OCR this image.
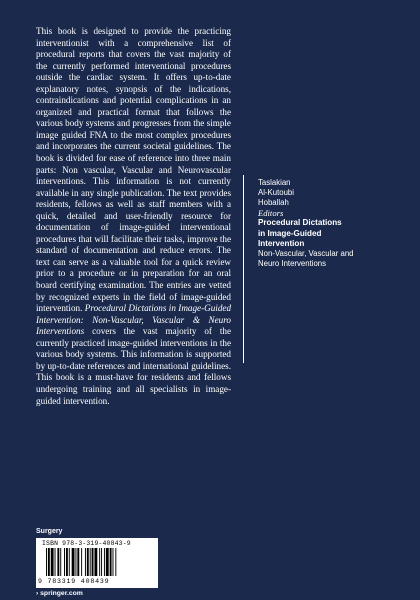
This book is designed to provide the practicing interventionist with a comprehensive list of procedural reports that covers the vast majority of the currently performed interventional procedures outside the cardiac system. It offers up-to-date explanatory notes, synopsis of the indications, contraindications and potential complications in an organized and practical format that follows the various body systems and progresses from the simple image guided FNA to the most complex procedures and incorporates the current societal guidelines. The book is divided for ease of reference into three main parts: Non vascular, Vascular and Neurovascular interventions. This information is not currently available in any single publication. The text provides residents, fellows as well as staff members with a quick, detailed and user-friendly resource for documentation of image-guided interventional procedures that will facilitate their tasks, improve the standard of documentation and reduce errors. The text can serve as a valuable tool for a quick review prior to a procedure or in preparation for an oral board certifying examination. The entries are vetted by recognized experts in the field of image-guided intervention. Procedural Dictations in Image-Guided Intervention: Non-Vascular, Vascular & Neuro Interventions covers the vast majority of the currently practiced image-guided interventions in the various body systems. This information is supported by up-to-date references and international guidelines. This book is a must-have for residents and fellows undergoing training and all specialists in image-guided intervention.

Taslakian
Al-Kutoubi
Hoballah
Editors
Procedural Dictations in Image-Guided Intervention
Non-Vascular, Vascular and Neuro Interventions
Surgery
ISBN 978-3-319-40843-9
9 783319 408439
› springer.com
